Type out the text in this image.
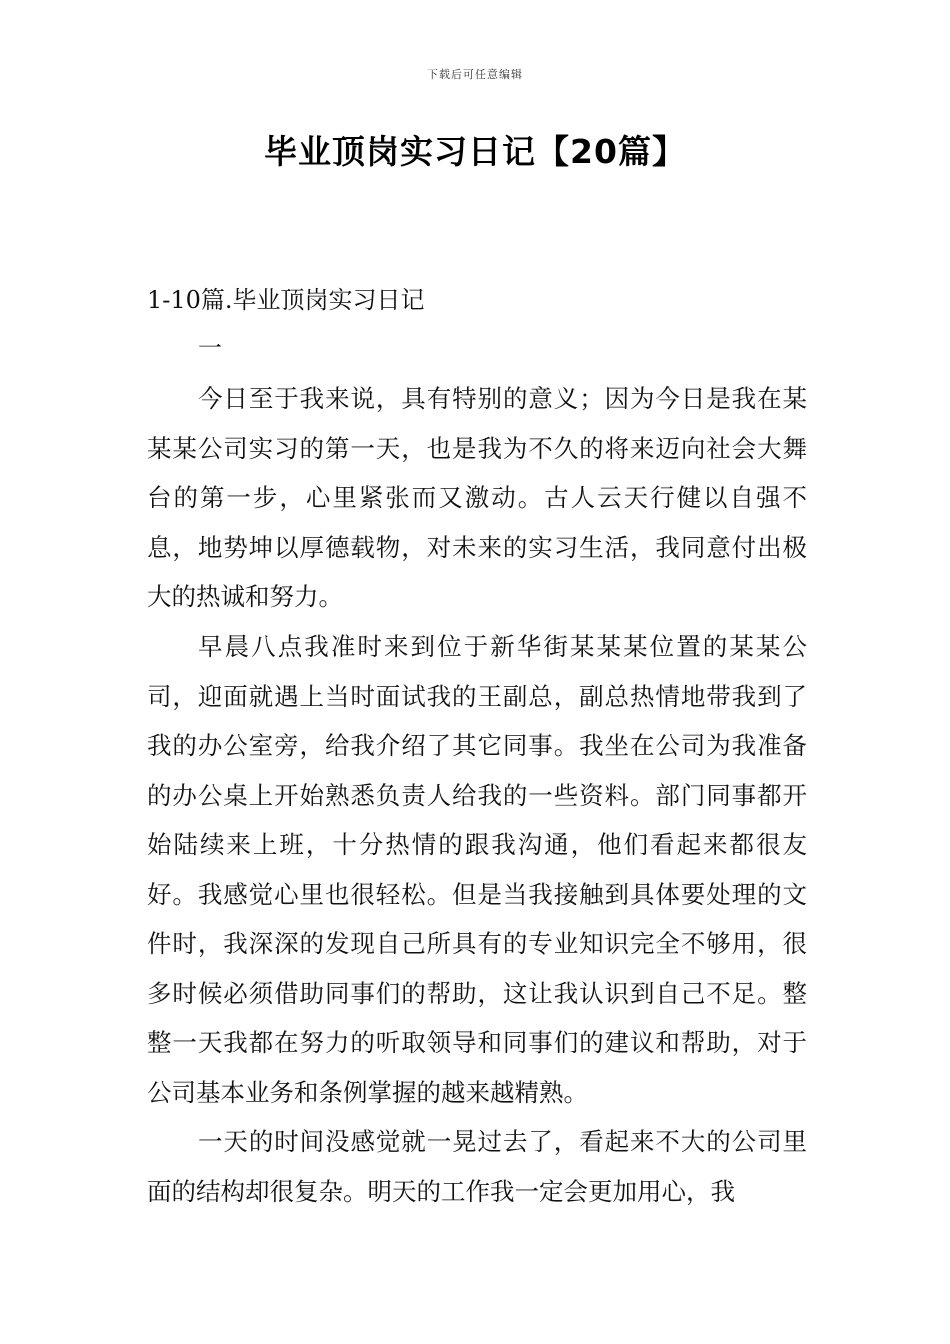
下载后可任意编辑
毕业顶岗实习日记【20篇】
1-10篇.毕业顶岗实习日记
一

今日至于我来说，具有特别的意义；因为今日是我在某某某公司实习的第一天，也是我为不久的将来迈向社会大舞台的第一步，心里紧张而又激动。古人云天行健以自强不息，地势坤以厚德载物，对未来的实习生活，我同意付出极大的热诚和努力。

早晨八点我准时来到位于新华街某某某位置的某某公司，迎面就遇上当时面试我的王副总，副总热情地带我到了我的办公室旁，给我介绍了其它同事。我坐在公司为我准备的办公桌上开始熟悉负责人给我的一些资料。部门同事都开始陆续来上班，十分热情的跟我沟通，他们看起来都很友好。我感觉心里也很轻松。但是当我接触到具体要处理的文件时，我深深的发现自己所具有的专业知识完全不够用，很多时候必须借助同事们的帮助，这让我认识到自己不足。整整一天我都在努力的听取领导和同事们的建议和帮助，对于公司基本业务和条例掌握的越来越精熟。

一天的时间没感觉就一晃过去了，看起来不大的公司里面的结构却很复杂。明天的工作我一定会更加用心，我
